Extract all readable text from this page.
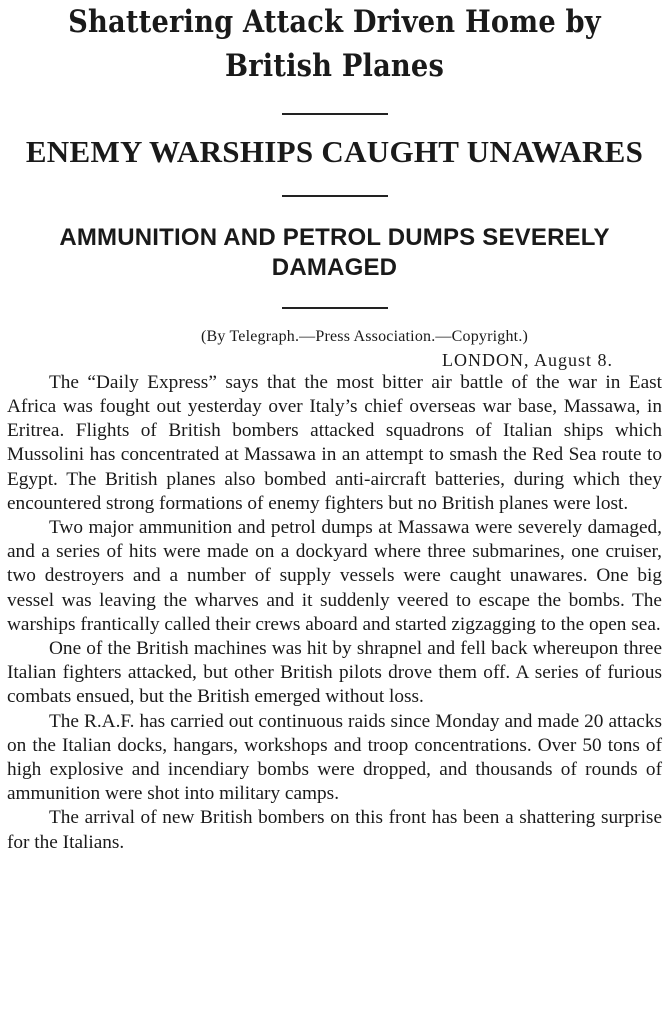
Shattering Attack Driven Home by British Planes
ENEMY WARSHIPS CAUGHT UNAWARES
AMMUNITION AND PETROL DUMPS SEVERELY DAMAGED
(By Telegraph.—Press Association.—Copyright.)
LONDON, August 8.

The “Daily Express” says that the most bitter air battle of the war in East Africa was fought out yesterday over Italy’s chief overseas war base, Massawa, in Eritrea. Flights of British bombers attacked squadrons of Italian ships which Mussolini has concentrated at Massawa in an attempt to smash the Red Sea route to Egypt. The British planes also bombed anti-aircraft batteries, during which they encountered strong formations of enemy fighters but no British planes were lost.

Two major ammunition and petrol dumps at Massawa were severely damaged, and a series of hits were made on a dockyard where three submarines, one cruiser, two destroyers and a number of supply vessels were caught unawares. One big vessel was leaving the wharves and it suddenly veered to escape the bombs. The warships frantically called their crews aboard and started zigzagging to the open sea.

One of the British machines was hit by shrapnel and fell back whereupon three Italian fighters attacked, but other British pilots drove them off. A series of furious combats ensued, but the British emerged without loss.

The R.A.F. has carried out continuous raids since Monday and made 20 attacks on the Italian docks, hangars, workshops and troop concentrations. Over 50 tons of high explosive and incendiary bombs were dropped, and thousands of rounds of ammunition were shot into military camps.

The arrival of new British bombers on this front has been a shattering surprise for the Italians.
